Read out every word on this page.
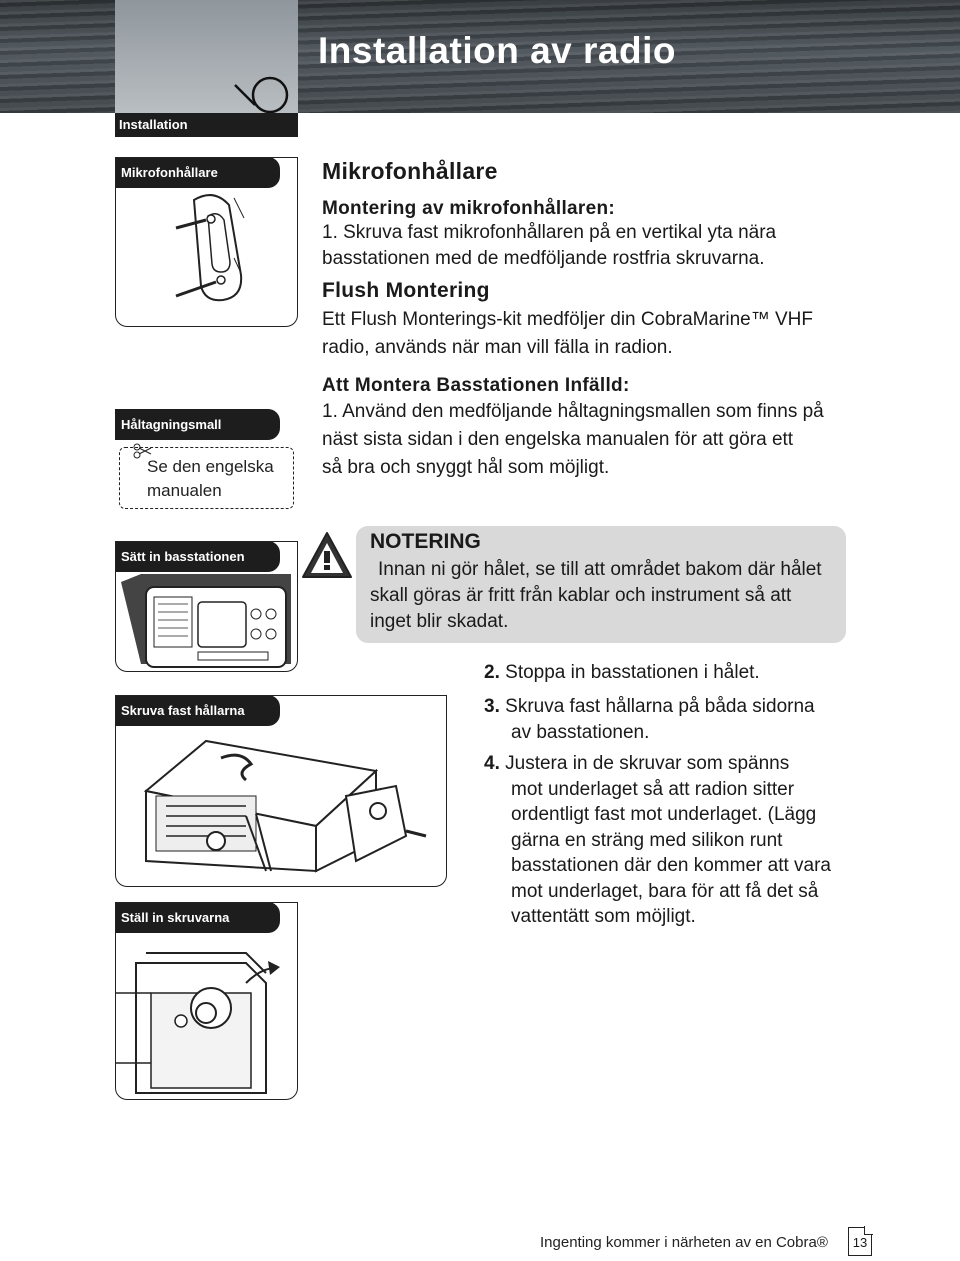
Installation av radio
Installation
Mikrofonhållare
Håltagningsmall
Se den engelska
manualen
Sätt in basstationen
Skruva fast hållarna
Ställ in skruvarna
Mikrofonhållare
Montering av mikrofonhållaren:
1. Skruva fast mikrofonhållaren på en vertikal yta nära
basstationen med de medföljande rostfria skruvarna.
Flush Montering
Ett Flush Monterings-kit medföljer din CobraMarine™ VHF
radio, används när man vill fälla in radion.
Att Montera Basstationen Infälld:
1. Använd den medföljande håltagningsmallen som finns på
näst sista sidan i den engelska manualen för att göra ett
så bra och snyggt hål som möjligt.
NOTERING
Innan ni gör hålet, se till att området bakom där hålet
skall göras är fritt från kablar och instrument så att
inget blir skadat.
2. Stoppa in basstationen i hålet.
3. Skruva fast hållarna på båda sidorna
av basstationen.
4. Justera in de skruvar som spänns
mot underlaget så att radion sitter
ordentligt fast mot underlaget. (Lägg
gärna en sträng med silikon runt
basstationen där den kommer att vara
mot underlaget, bara för att få det så
vattentätt som möjligt.
Ingenting kommer i närheten av en Cobra®	13
